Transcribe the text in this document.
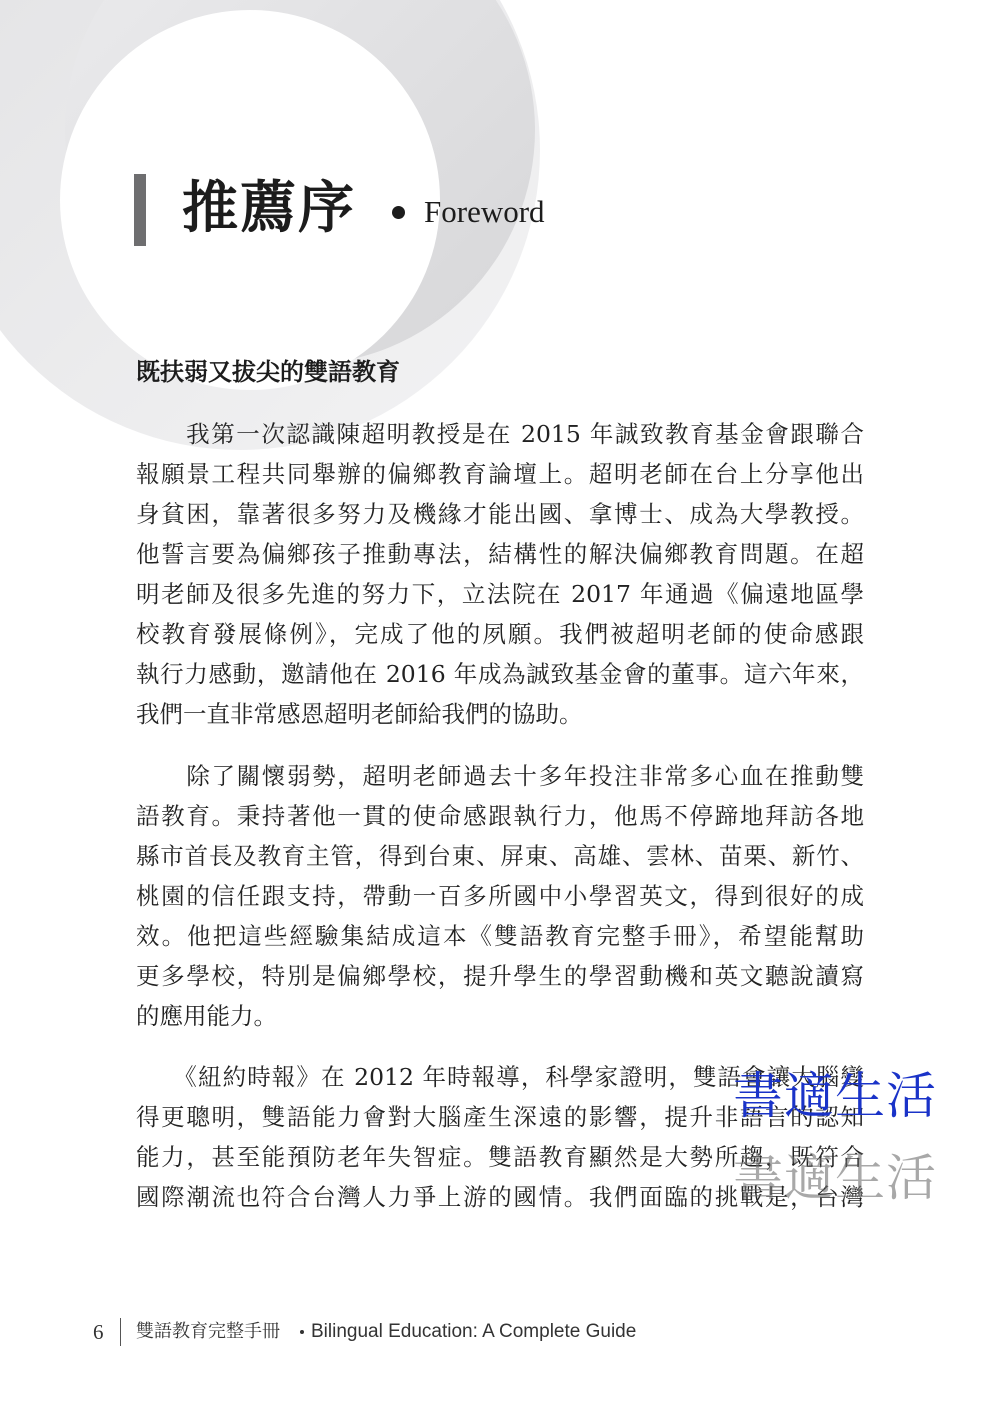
推薦序 Foreword
既扶弱又拔尖的雙語教育
　　我第一次認識陳超明教授是在 2015 年誠致教育基金會跟聯合
報願景工程共同舉辦的偏鄉教育論壇上。超明老師在台上分享他出
身貧困，靠著很多努力及機緣才能出國、拿博士、成為大學教授。
他誓言要為偏鄉孩子推動專法，結構性的解決偏鄉教育問題。在超
明老師及很多先進的努力下，立法院在 2017 年通過《偏遠地區學
校教育發展條例》，完成了他的夙願。我們被超明老師的使命感跟
執行力感動，邀請他在 2016 年成為誠致基金會的董事。這六年來，
我們一直非常感恩超明老師給我們的協助。
　　除了關懷弱勢，超明老師過去十多年投注非常多心血在推動雙
語教育。秉持著他一貫的使命感跟執行力，他馬不停蹄地拜訪各地
縣市首長及教育主管，得到台東、屏東、高雄、雲林、苗栗、新竹、
桃園的信任跟支持，帶動一百多所國中小學習英文，得到很好的成
效。他把這些經驗集結成這本《雙語教育完整手冊》，希望能幫助
更多學校，特別是偏鄉學校，提升學生的學習動機和英文聽說讀寫
的應用能力。
　　《紐約時報》在 2012 年時報導，科學家證明，雙語會讓大腦變
得更聰明，雙語能力會對大腦產生深遠的影響，提升非語言的認知
能力，甚至能預防老年失智症。雙語教育顯然是大勢所趨，既符合
國際潮流也符合台灣人力爭上游的國情。我們面臨的挑戰是，台灣
書適生活
書適生活
6 雙語教育完整手冊 Bilingual Education: A Complete Guide
